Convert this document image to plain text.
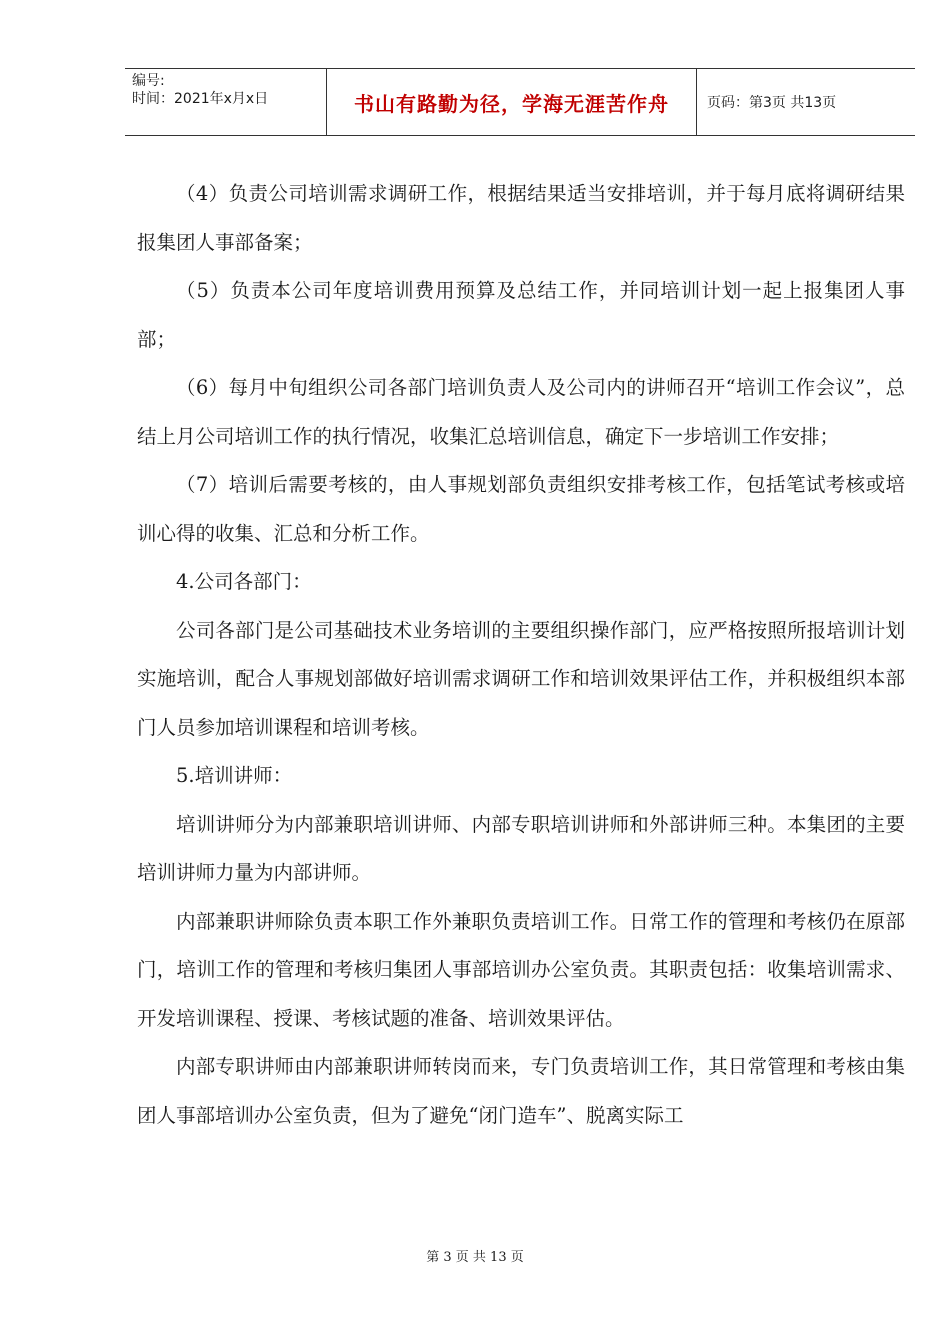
编号:
时间：2021年x月x日	书山有路勤为径，学海无涯苦作舟	页码：第3页 共13页

（4）负责公司培训需求调研工作，根据结果适当安排培训，并于每月底将调研结果报集团人事部备案；

（5）负责本公司年度培训费用预算及总结工作，并同培训计划一起上报集团人事部；

（6）每月中旬组织公司各部门培训负责人及公司内的讲师召开“培训工作会议”，总结上月公司培训工作的执行情况，收集汇总培训信息，确定下一步培训工作安排；

（7）培训后需要考核的，由人事规划部负责组织安排考核工作，包括笔试考核或培训心得的收集、汇总和分析工作。

4.公司各部门：

公司各部门是公司基础技术业务培训的主要组织操作部门，应严格按照所报培训计划实施培训，配合人事规划部做好培训需求调研工作和培训效果评估工作，并积极组织本部门人员参加培训课程和培训考核。

5.培训讲师：

培训讲师分为内部兼职培训讲师、内部专职培训讲师和外部讲师三种。本集团的主要培训讲师力量为内部讲师。

内部兼职讲师除负责本职工作外兼职负责培训工作。日常工作的管理和考核仍在原部门，培训工作的管理和考核归集团人事部培训办公室负责。其职责包括：收集培训需求、开发培训课程、授课、考核试题的准备、培训效果评估。

内部专职讲师由内部兼职讲师转岗而来，专门负责培训工作，其日常管理和考核由集团人事部培训办公室负责，但为了避免“闭门造车”、脱离实际工

第 3 页 共 13 页
